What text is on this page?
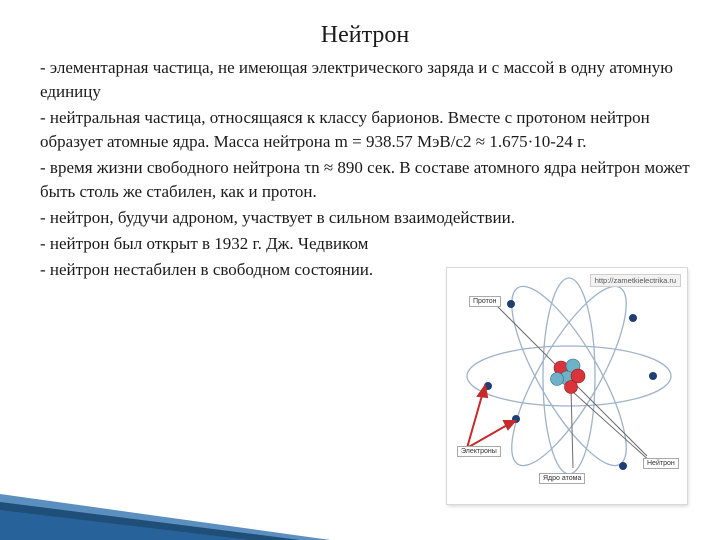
Нейтрон

- элементарная частица, не имеющая электрического заряда и с массой в одну атомную единицу

- нейтральная частица, относящаяся к классу барионов. Вместе с протоном нейтрон образует атомные ядра. Масса нейтрона m = 938.57 МэВ/c2 ≈ 1.675·10-24 г.

- время жизни свободного нейтрона τn ≈ 890 сек. В составе атомного ядра нейтрон может быть столь же стабилен, как и протон.

- нейтрон, будучи адроном, участвует в сильном взаимодействии.

- нейтрон был открыт в 1932 г. Дж. Чедвиком

- нейтрон нестабилен в свободном состоянии.

http://zametkielectrika.ru
Протон
Электроны
Нейтрон
Ядро атома
